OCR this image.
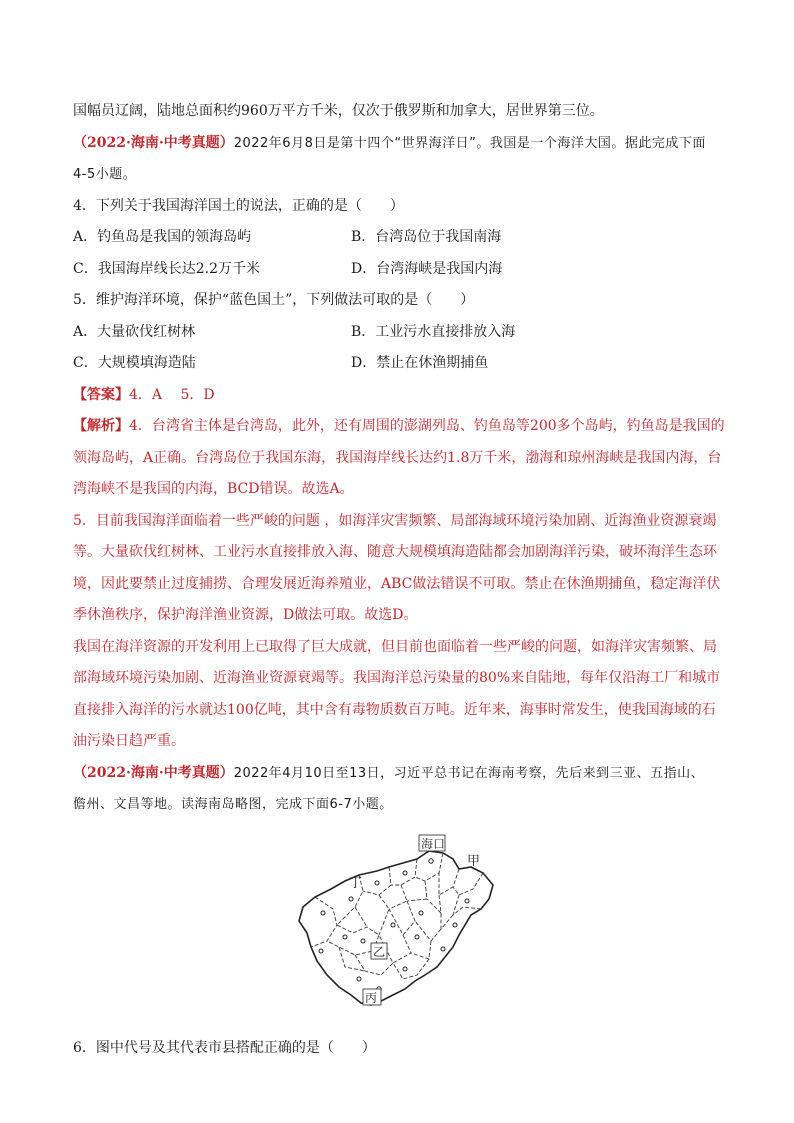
国幅员辽阔，陆地总面积约960万平方千米，仅次于俄罗斯和加拿大，居世界第三位。
（2022·海南·中考真题）2022年6月8日是第十四个“世界海洋日”。我国是一个海洋大国。据此完成下面
4-5小题。
4．下列关于我国海洋国土的说法，正确的是（　　）
A．钓鱼岛是我国的领海岛屿	B．台湾岛位于我国南海
C．我国海岸线长达2.2万千米	D．台湾海峡是我国内海
5．维护海洋环境，保护“蓝色国土”，下列做法可取的是（　　）
A．大量砍伐红树林	B．工业污水直接排放入海
C．大规模填海造陆	D．禁止在休渔期捕鱼
【答案】4．A　 5．D
【解析】4．台湾省主体是台湾岛，此外，还有周围的澎湖列岛、钓鱼岛等200多个岛屿，钓鱼岛是我国的
领海岛屿，A正确。台湾岛位于我国东海，我国海岸线长达约1.8万千米，渤海和琼州海峡是我国内海，台
湾海峡不是我国的内海，BCD错误。故选A。
5．目前我国海洋面临着一些严峻的问题 ，如海洋灾害频繁、局部海域环境污染加剧、近海渔业资源衰竭
等。大量砍伐红树林、工业污水直接排放入海、随意大规模填海造陆都会加剧海洋污染，破坏海洋生态环
境，因此要禁止过度捕捞、合理发展近海养殖业，ABC做法错误不可取。禁止在休渔期捕鱼，稳定海洋伏
季休渔秩序，保护海洋渔业资源，D做法可取。故选D。
我国在海洋资源的开发利用上已取得了巨大成就，但目前也面临着一些严峻的问题，如海洋灾害频繁、局
部海域环境污染加剧、近海渔业资源衰竭等。我国海洋总污染量的80%来自陆地，每年仅沿海工厂和城市
直接排入海洋的污水就达100亿吨，其中含有毒物质数百万吨。近年来，海事时常发生，使我国海域的石
油污染日趋严重。
（2022·海南·中考真题）2022年4月10日至13日，习近平总书记在海南考察，先后来到三亚、五指山、
儋州、文昌等地。读海南岛略图，完成下面6-7小题。
海口
甲
丁
乙
丙
6．图中代号及其代表市县搭配正确的是（　　）
